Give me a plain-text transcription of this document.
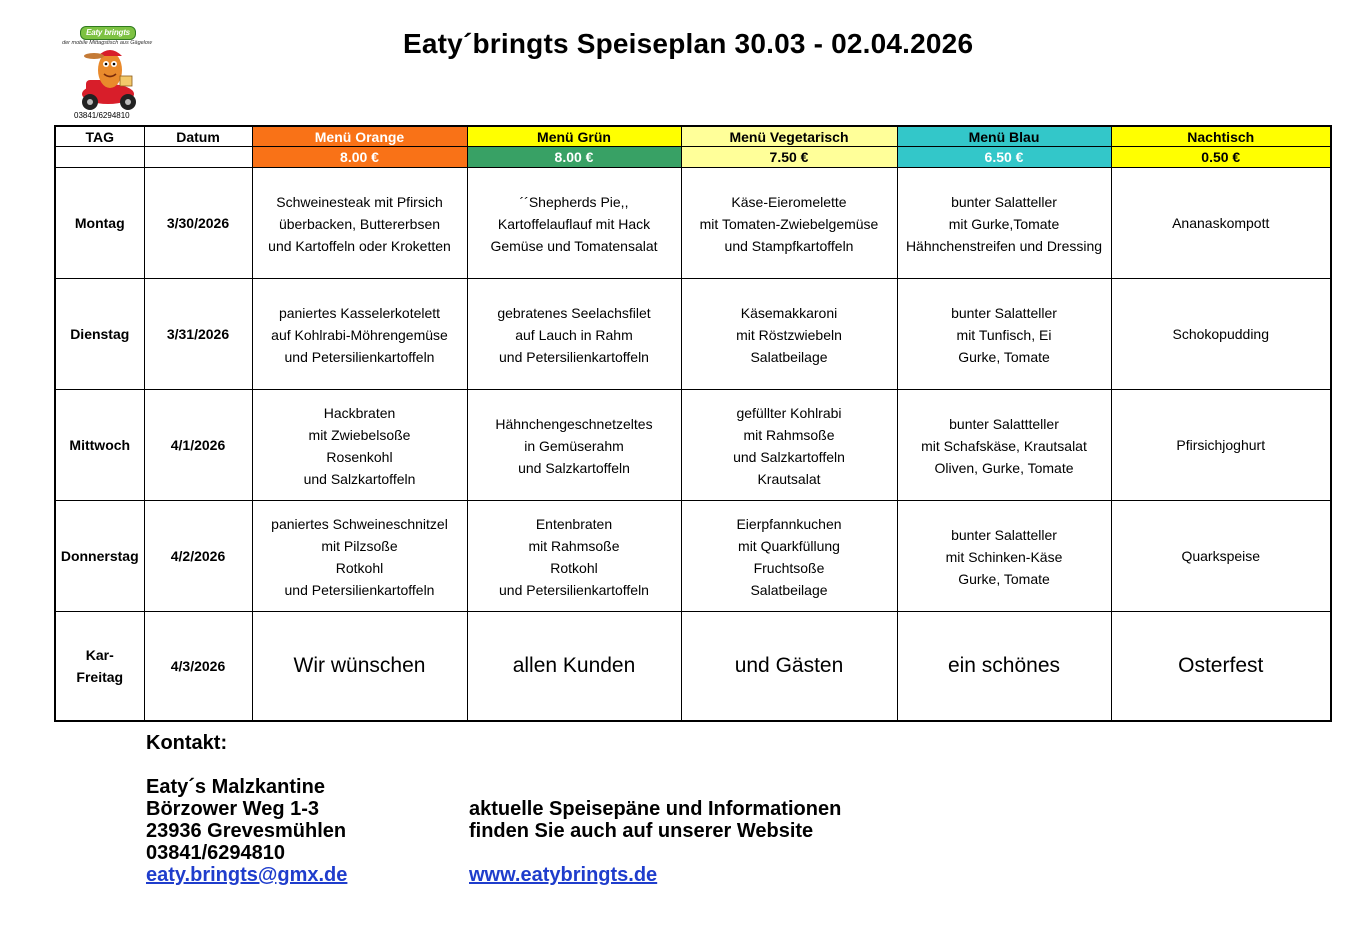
Eaty bringts
der mobile Mittagstisch aus Gägelow
03841/6294810
Eaty´bringts Speiseplan 30.03 - 02.04.2026
TAG	Datum	Menü Orange	Menü Grün	Menü Vegetarisch	Menü Blau	Nachtisch
		8.00 €	8.00 €	7.50 €	6.50 €	0.50 €
Montag	3/30/2026	Schweinesteak mit Pfirsich
überbacken, Buttererbsen
und Kartoffeln oder Kroketten	´´Shepherds Pie,,
Kartoffelauflauf mit Hack
Gemüse und Tomatensalat	Käse-Eieromelette
mit Tomaten-Zwiebelgemüse
und Stampfkartoffeln	bunter Salatteller
mit Gurke,Tomate
Hähnchenstreifen und Dressing	Ananaskompott
Dienstag	3/31/2026	paniertes Kasselerkotelett
auf Kohlrabi-Möhrengemüse
und Petersilienkartoffeln	gebratenes Seelachsfilet
auf Lauch in Rahm
und Petersilienkartoffeln	Käsemakkaroni
mit Röstzwiebeln
Salatbeilage	bunter Salatteller
mit Tunfisch, Ei
Gurke, Tomate	Schokopudding
Mittwoch	4/1/2026	Hackbraten
mit Zwiebelsoße
Rosenkohl
und Salzkartoffeln	Hähnchengeschnetzeltes
in Gemüserahm
und Salzkartoffeln	gefüllter Kohlrabi
mit Rahmsoße
und Salzkartoffeln
Krautsalat	bunter Salattteller
mit Schafskäse, Krautsalat
Oliven, Gurke, Tomate	Pfirsichjoghurt
Donnerstag	4/2/2026	paniertes Schweineschnitzel
mit Pilzsoße
Rotkohl
und Petersilienkartoffeln	Entenbraten
mit Rahmsoße
Rotkohl
und Petersilienkartoffeln	Eierpfannkuchen
mit Quarkfüllung
Fruchtsoße
Salatbeilage	bunter Salatteller
mit Schinken-Käse
Gurke, Tomate	Quarkspeise

Kar-
Freitag	4/3/2026	Wir wünschen	allen Kunden	und Gästen	ein schönes	Osterfest
Kontakt:
Eaty´s Malzkantine
Börzower Weg 1-3
23936 Grevesmühlen
03841/6294810
eaty.bringts@gmx.de
aktuelle Speisepäne und Informationen
finden Sie auch auf unserer Website
www.eatybringts.de
